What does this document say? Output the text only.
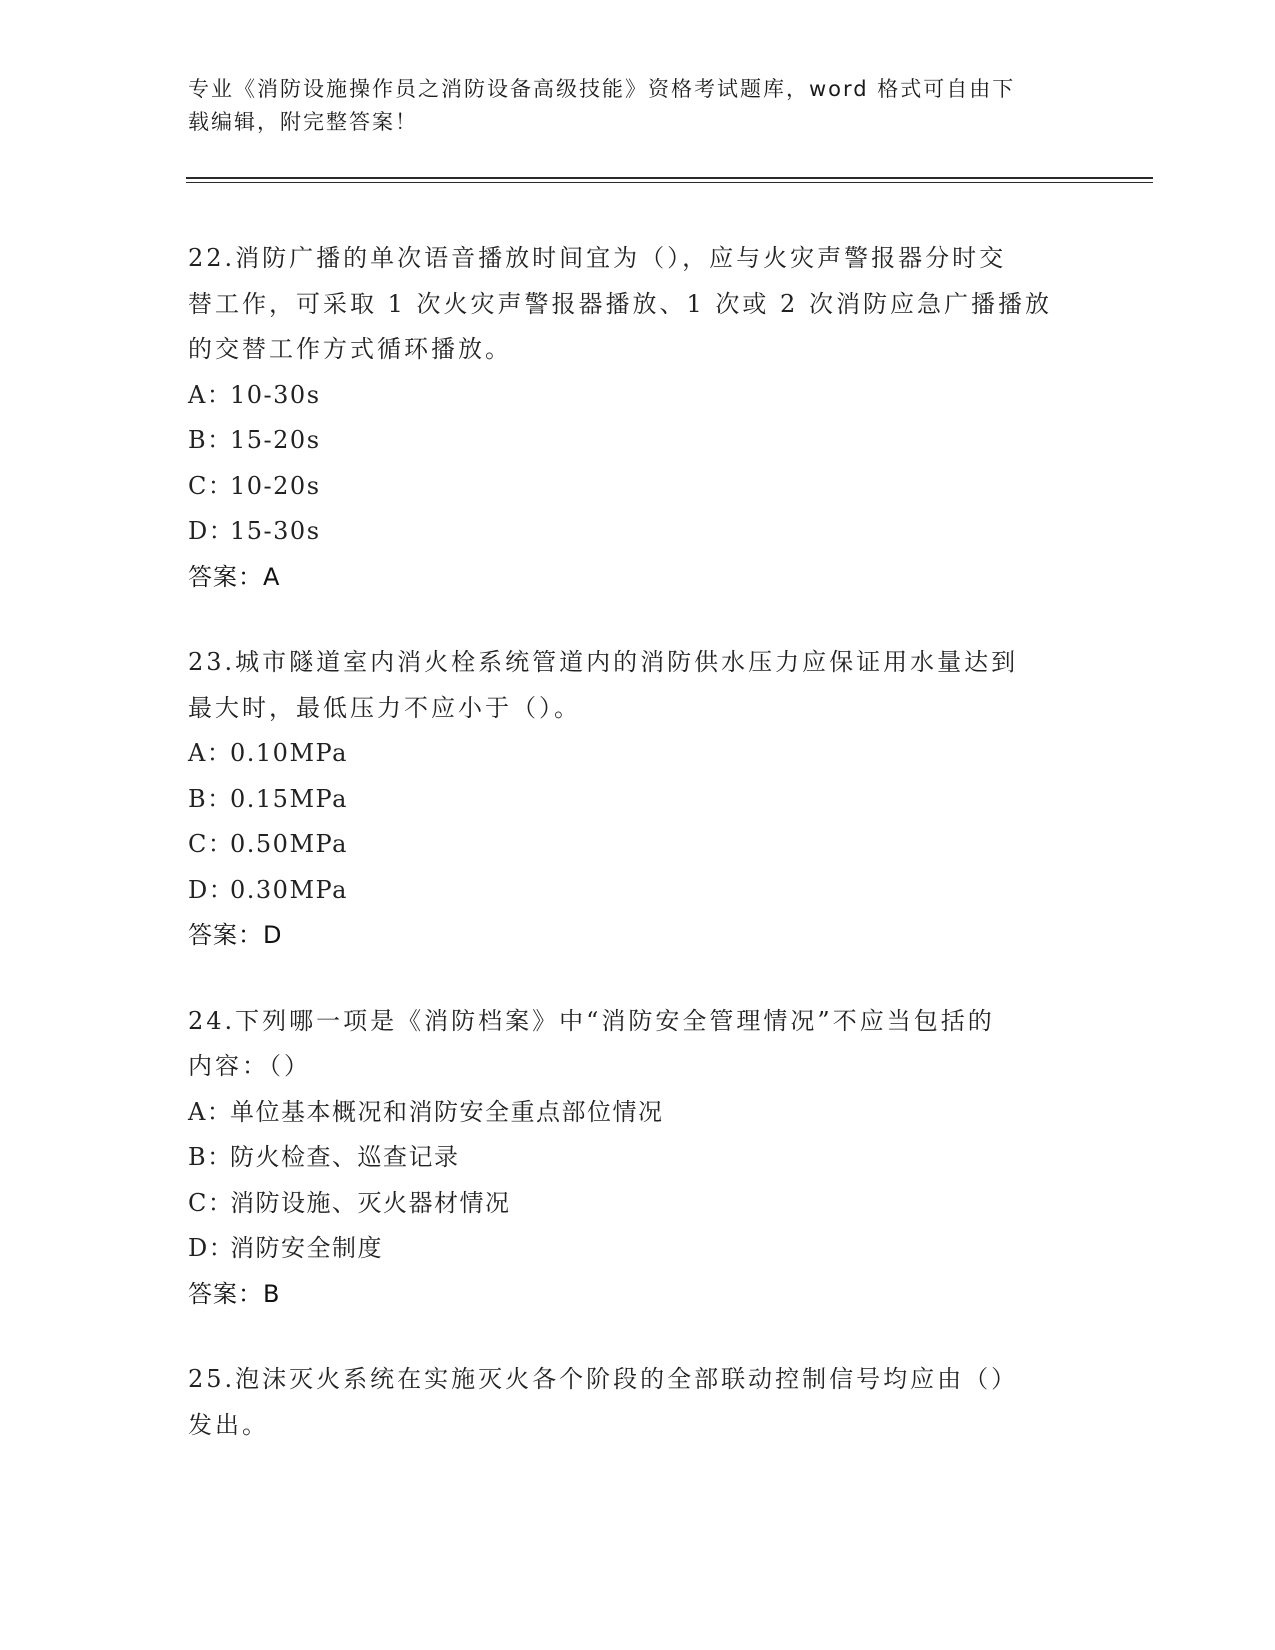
专业《消防设施操作员之消防设备高级技能》资格考试题库，word 格式可自由下
载编辑，附完整答案！
22.消防广播的单次语音播放时间宜为（），应与火灾声警报器分时交
替工作，可采取 1 次火灾声警报器播放、1 次或 2 次消防应急广播播放
的交替工作方式循环播放。
A：10-30s
B：15-20s
C：10-20s
D：15-30s
答案：A
23.城市隧道室内消火栓系统管道内的消防供水压力应保证用水量达到
最大时，最低压力不应小于（）。
A：0.10MPa
B：0.15MPa
C：0.50MPa
D：0.30MPa
答案：D
24.下列哪一项是《消防档案》中“消防安全管理情况”不应当包括的
内容：（）
A：单位基本概况和消防安全重点部位情况
B：防火检查、巡查记录
C：消防设施、灭火器材情况
D：消防安全制度
答案：B
25.泡沫灭火系统在实施灭火各个阶段的全部联动控制信号均应由（）
发出。
